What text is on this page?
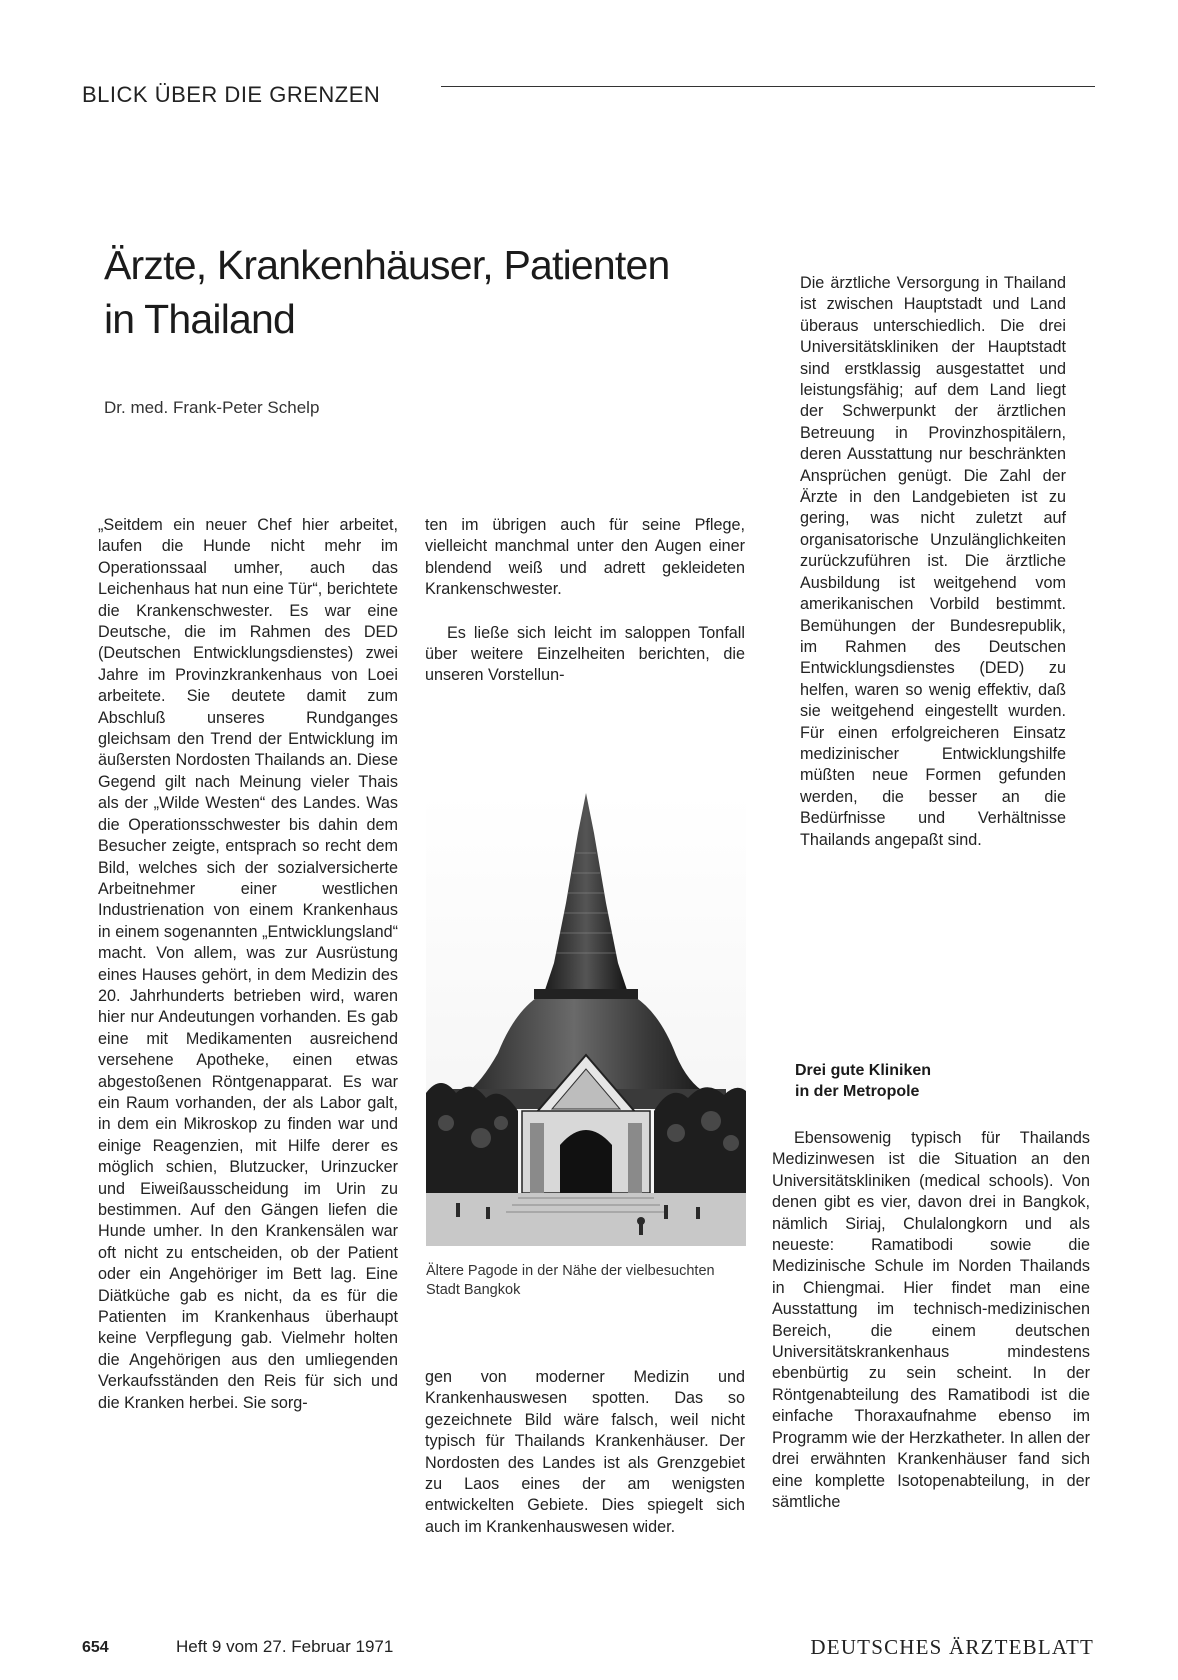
BLICK ÜBER DIE GRENZEN
Ärzte, Krankenhäuser, Patienten
in Thailand
Dr. med. Frank-Peter Schelp

„Seitdem ein neuer Chef hier arbeitet, laufen die Hunde nicht mehr im Operationssaal umher, auch das Leichenhaus hat nun eine Tür“, berichtete die Krankenschwester. Es war eine Deutsche, die im Rahmen des DED (Deutschen Entwicklungsdienstes) zwei Jahre im Provinzkrankenhaus von Loei arbeitete. Sie deutete damit zum Abschluß unseres Rundganges gleichsam den Trend der Entwicklung im äußersten Nordosten Thailands an. Diese Gegend gilt nach Meinung vieler Thais als der „Wilde Westen“ des Landes. Was die Operationsschwester bis dahin dem Besucher zeigte, entsprach so recht dem Bild, welches sich der sozialversicherte Arbeitnehmer einer westlichen Industrienation von einem Krankenhaus in einem sogenannten „Entwicklungsland“ macht. Von allem, was zur Ausrüstung eines Hauses gehört, in dem Medizin des 20. Jahrhunderts betrieben wird, waren hier nur Andeutungen vorhanden. Es gab eine mit Medikamenten ausreichend versehene Apotheke, einen etwas abgestoßenen Röntgenapparat. Es war ein Raum vorhanden, der als Labor galt, in dem ein Mikroskop zu finden war und einige Reagenzien, mit Hilfe derer es möglich schien, Blutzucker, Urinzucker und Eiweißausscheidung im Urin zu bestimmen. Auf den Gängen liefen die Hunde umher. In den Krankensälen war oft nicht zu entscheiden, ob der Patient oder ein Angehöriger im Bett lag. Eine Diätküche gab es nicht, da es für die Patienten im Krankenhaus überhaupt keine Verpflegung gab. Vielmehr holten die Angehörigen aus den umliegenden Verkaufsständen den Reis für sich und die Kranken herbei. Sie sorg-

ten im übrigen auch für seine Pflege, vielleicht manchmal unter den Augen einer blendend weiß und adrett gekleideten Krankenschwester.

Es ließe sich leicht im saloppen Tonfall über weitere Einzelheiten berichten, die unseren Vorstellun-

Ältere Pagode in der Nähe der vielbesuchten Stadt Bangkok

gen von moderner Medizin und Krankenhauswesen spotten. Das so gezeichnete Bild wäre falsch, weil nicht typisch für Thailands Krankenhäuser. Der Nordosten des Landes ist als Grenzgebiet zu Laos eines der am wenigsten entwickelten Gebiete. Dies spiegelt sich auch im Krankenhauswesen wider.

Die ärztliche Versorgung in Thailand ist zwischen Hauptstadt und Land überaus unterschiedlich. Die drei Universitätskliniken der Hauptstadt sind erstklassig ausgestattet und leistungsfähig; auf dem Land liegt der Schwerpunkt der ärztlichen Betreuung in Provinzhospitälern, deren Ausstattung nur beschränkten Ansprüchen genügt. Die Zahl der Ärzte in den Landgebieten ist zu gering, was nicht zuletzt auf organisatorische Unzulänglichkeiten zurückzuführen ist. Die ärztliche Ausbildung ist weitgehend vom amerikanischen Vorbild bestimmt. Bemühungen der Bundesrepublik, im Rahmen des Deutschen Entwicklungsdienstes (DED) zu helfen, waren so wenig effektiv, daß sie weitgehend eingestellt wurden. Für einen erfolgreicheren Einsatz medizinischer Entwicklungshilfe müßten neue Formen gefunden werden, die besser an die Bedürfnisse und Verhältnisse Thailands angepaßt sind.

Drei gute Kliniken
in der Metropole

Ebensowenig typisch für Thailands Medizinwesen ist die Situation an den Universitätskliniken (medical schools). Von denen gibt es vier, davon drei in Bangkok, nämlich Siriaj, Chulalongkorn und als neueste: Ramatibodi sowie die Medizinische Schule im Norden Thailands in Chiengmai. Hier findet man eine Ausstattung im technisch-medizinischen Bereich, die einem deutschen Universitätskrankenhaus mindestens ebenbürtig zu sein scheint. In der Röntgenabteilung des Ramatibodi ist die einfache Thoraxaufnahme ebenso im Programm wie der Herzkatheter. In allen der drei erwähnten Krankenhäuser fand sich eine komplette Isotopenabteilung, in der sämtliche

654	Heft 9 vom 27. Februar 1971	DEUTSCHES ÄRZTEBLATT
